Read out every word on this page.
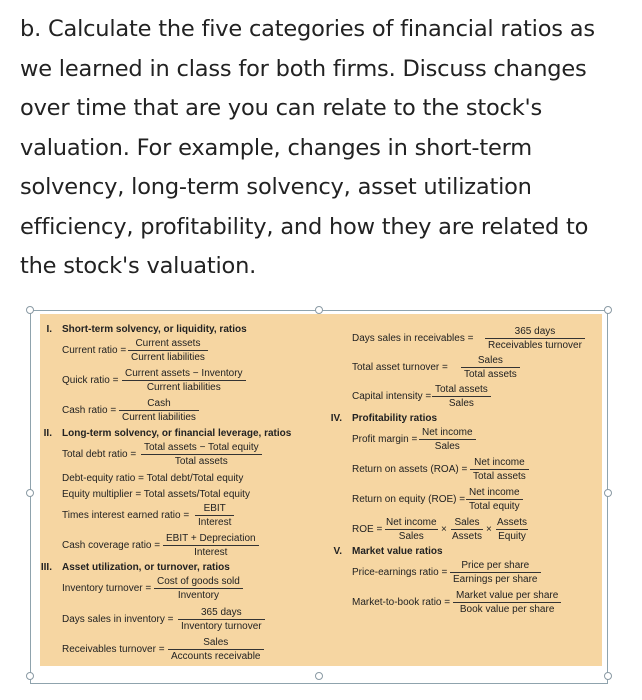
b. Calculate the five categories of financial ratios as
we learned in class for both firms. Discuss changes
over time that are you can relate to the stock's
valuation. For example, changes in short-term
solvency, long-term solvency, asset utilization
efficiency, profitability, and how they are related to
the stock's valuation.
I. Short-term solvency, or liquidity, ratios
Current ratio =
Current assets
Current liabilities
Quick ratio =
Current assets − Inventory
Current liabilities
Cash ratio =
Cash
Current liabilities
II. Long-term solvency, or financial leverage, ratios
Total debt ratio =
Total assets − Total equity
Total assets
Debt-equity ratio = Total debt/Total equity
Equity multiplier = Total assets/Total equity
Times interest earned ratio =
EBIT
Interest
Cash coverage ratio =
EBIT + Depreciation
Interest
III. Asset utilization, or turnover, ratios
Inventory turnover =
Cost of goods sold
Inventory
Days sales in inventory =
365 days
Inventory turnover
Receivables turnover =
Sales
Accounts receivable
Days sales in receivables =
365 days
Receivables turnover
Total asset turnover =
Sales
Total assets
Capital intensity =
Total assets
Sales
IV. Profitability ratios
Profit margin =
Net income
Sales
Return on assets (ROA) =
Net income
Total assets
Return on equity (ROE) =
Net income
Total equity
ROE =
Net income
Sales
×
Sales
Assets
×
Assets
Equity
V. Market value ratios
Price-earnings ratio =
Price per share
Earnings per share
Market-to-book ratio =
Market value per share
Book value per share
